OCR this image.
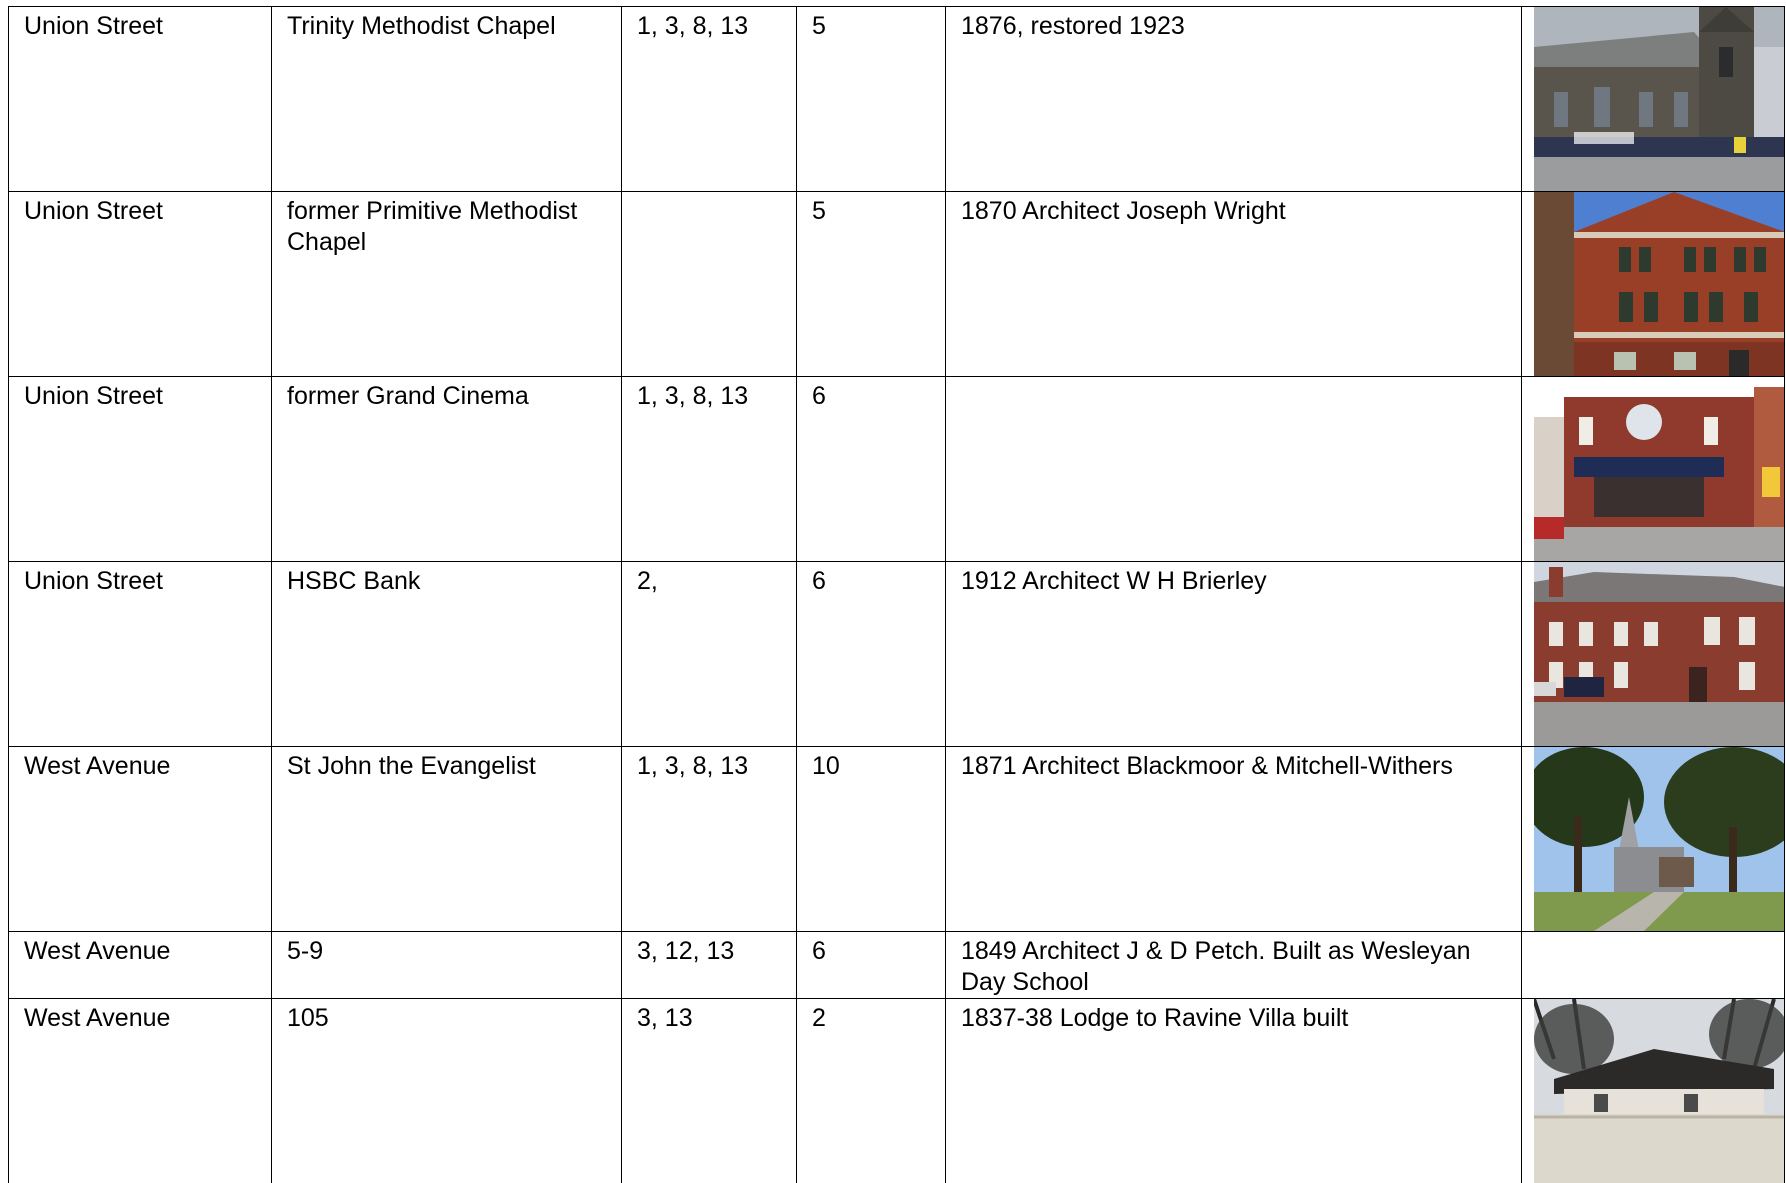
Union Street	Trinity Methodist Chapel	1, 3, 8, 13	5	1876, restored 1923	

Union Street	former Primitive Methodist Chapel		5	1870 Architect Joseph Wright	

Union Street	former Grand Cinema	1, 3, 8, 13	6		

Union Street	HSBC Bank	2,	6	1912 Architect W H Brierley	

West Avenue	St John the Evangelist	1, 3, 8, 13	10	1871 Architect Blackmoor & Mitchell-Withers	

West Avenue	5-9	3, 12, 13	6	1849 Architect J & D Petch. Built as Wesleyan Day School	
West Avenue	105	3, 13	2	1837-38 Lodge to Ravine Villa built	
